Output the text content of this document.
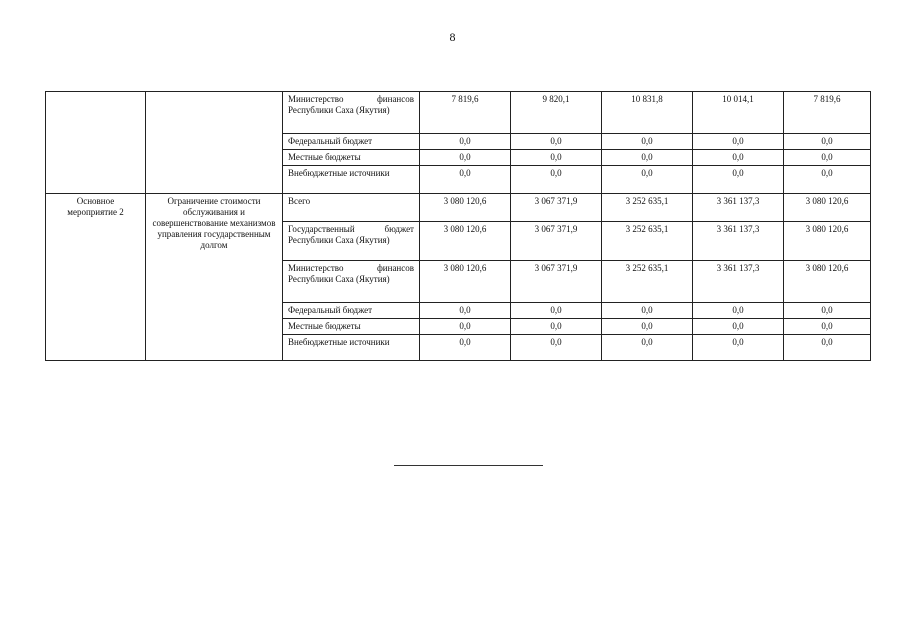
8
		Министерство финансов Республики Саха (Якутия)	7 819,6	9 820,1	10 831,8	10 014,1	7 819,6
		Федеральный бюджет	0,0	0,0	0,0	0,0	0,0
		Местные бюджеты	0,0	0,0	0,0	0,0	0,0
		Внебюджетные источники	0,0	0,0	0,0	0,0	0,0
Основное мероприятие 2	Ограничение стоимости обслуживания и совершенствование механизмов управления государственным долгом	Всего	3 080 120,6	3 067 371,9	3 252 635,1	3 361 137,3	3 080 120,6
		Государственный бюджет Республики Саха (Якутия)	3 080 120,6	3 067 371,9	3 252 635,1	3 361 137,3	3 080 120,6
		Министерство финансов Республики Саха (Якутия)	3 080 120,6	3 067 371,9	3 252 635,1	3 361 137,3	3 080 120,6
		Федеральный бюджет	0,0	0,0	0,0	0,0	0,0
		Местные бюджеты	0,0	0,0	0,0	0,0	0,0
		Внебюджетные источники	0,0	0,0	0,0	0,0	0,0
